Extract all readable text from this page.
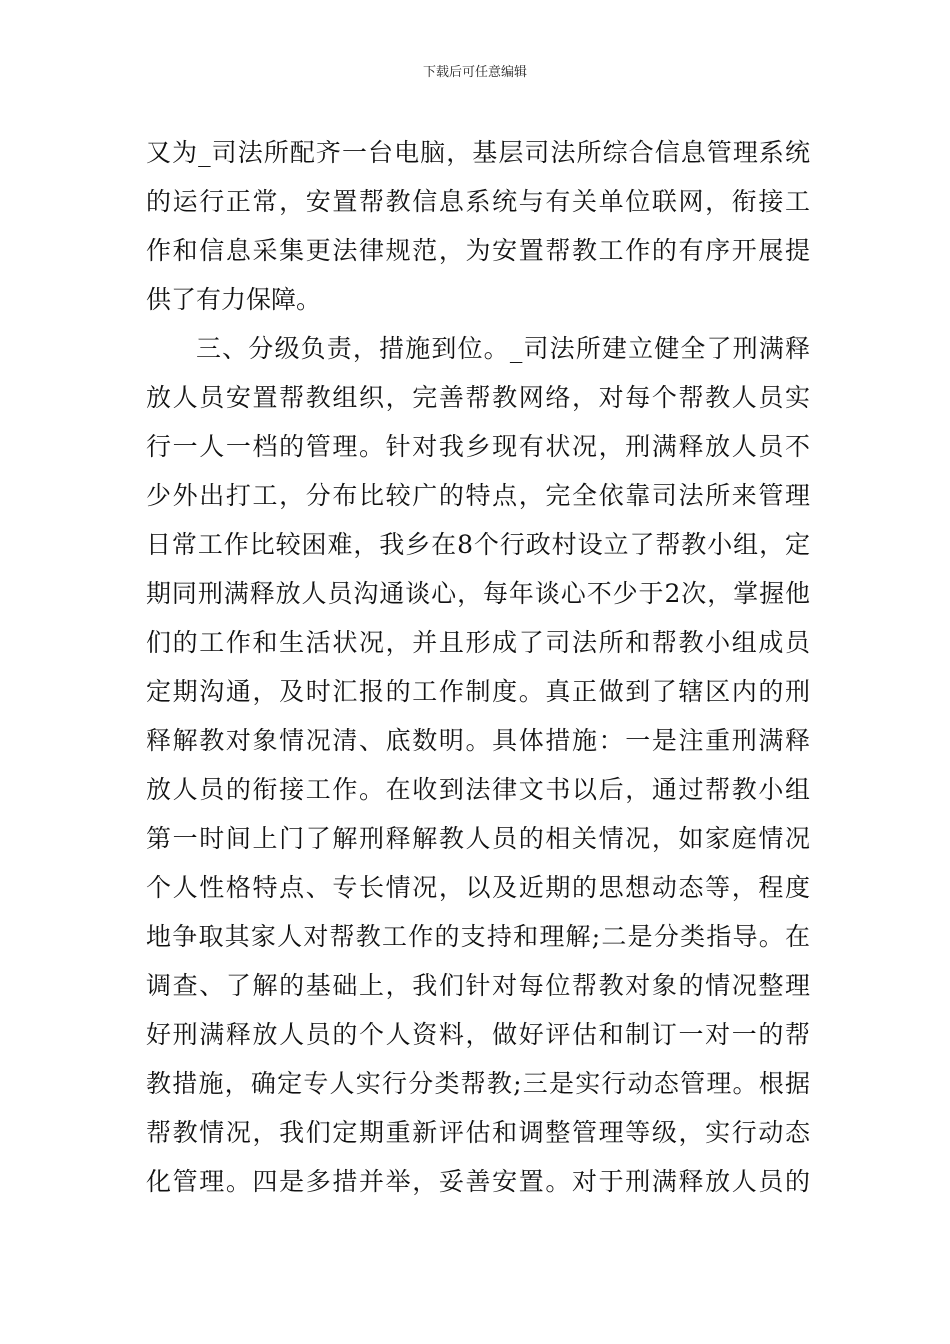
下载后可任意编辑
又为_司法所配齐一台电脑，基层司法所综合信息管理系统
的运行正常，安置帮教信息系统与有关单位联网，衔接工
作和信息采集更法律规范，为安置帮教工作的有序开展提
供了有力保障。
三、分级负责，措施到位。_司法所建立健全了刑满释
放人员安置帮教组织，完善帮教网络，对每个帮教人员实
行一人一档的管理。针对我乡现有状况，刑满释放人员不
少外出打工，分布比较广的特点，完全依靠司法所来管理
日常工作比较困难，我乡在8个行政村设立了帮教小组，定
期同刑满释放人员沟通谈心，每年谈心不少于2次，掌握他
们的工作和生活状况，并且形成了司法所和帮教小组成员
定期沟通，及时汇报的工作制度。真正做到了辖区内的刑
释解教对象情况清、底数明。具体措施：一是注重刑满释
放人员的衔接工作。在收到法律文书以后，通过帮教小组
第一时间上门了解刑释解教人员的相关情况，如家庭情况
个人性格特点、专长情况，以及近期的思想动态等，程度
地争取其家人对帮教工作的支持和理解;二是分类指导。在
调查、了解的基础上，我们针对每位帮教对象的情况整理
好刑满释放人员的个人资料，做好评估和制订一对一的帮
教措施，确定专人实行分类帮教;三是实行动态管理。根据
帮教情况，我们定期重新评估和调整管理等级，实行动态
化管理。四是多措并举，妥善安置。对于刑满释放人员的
